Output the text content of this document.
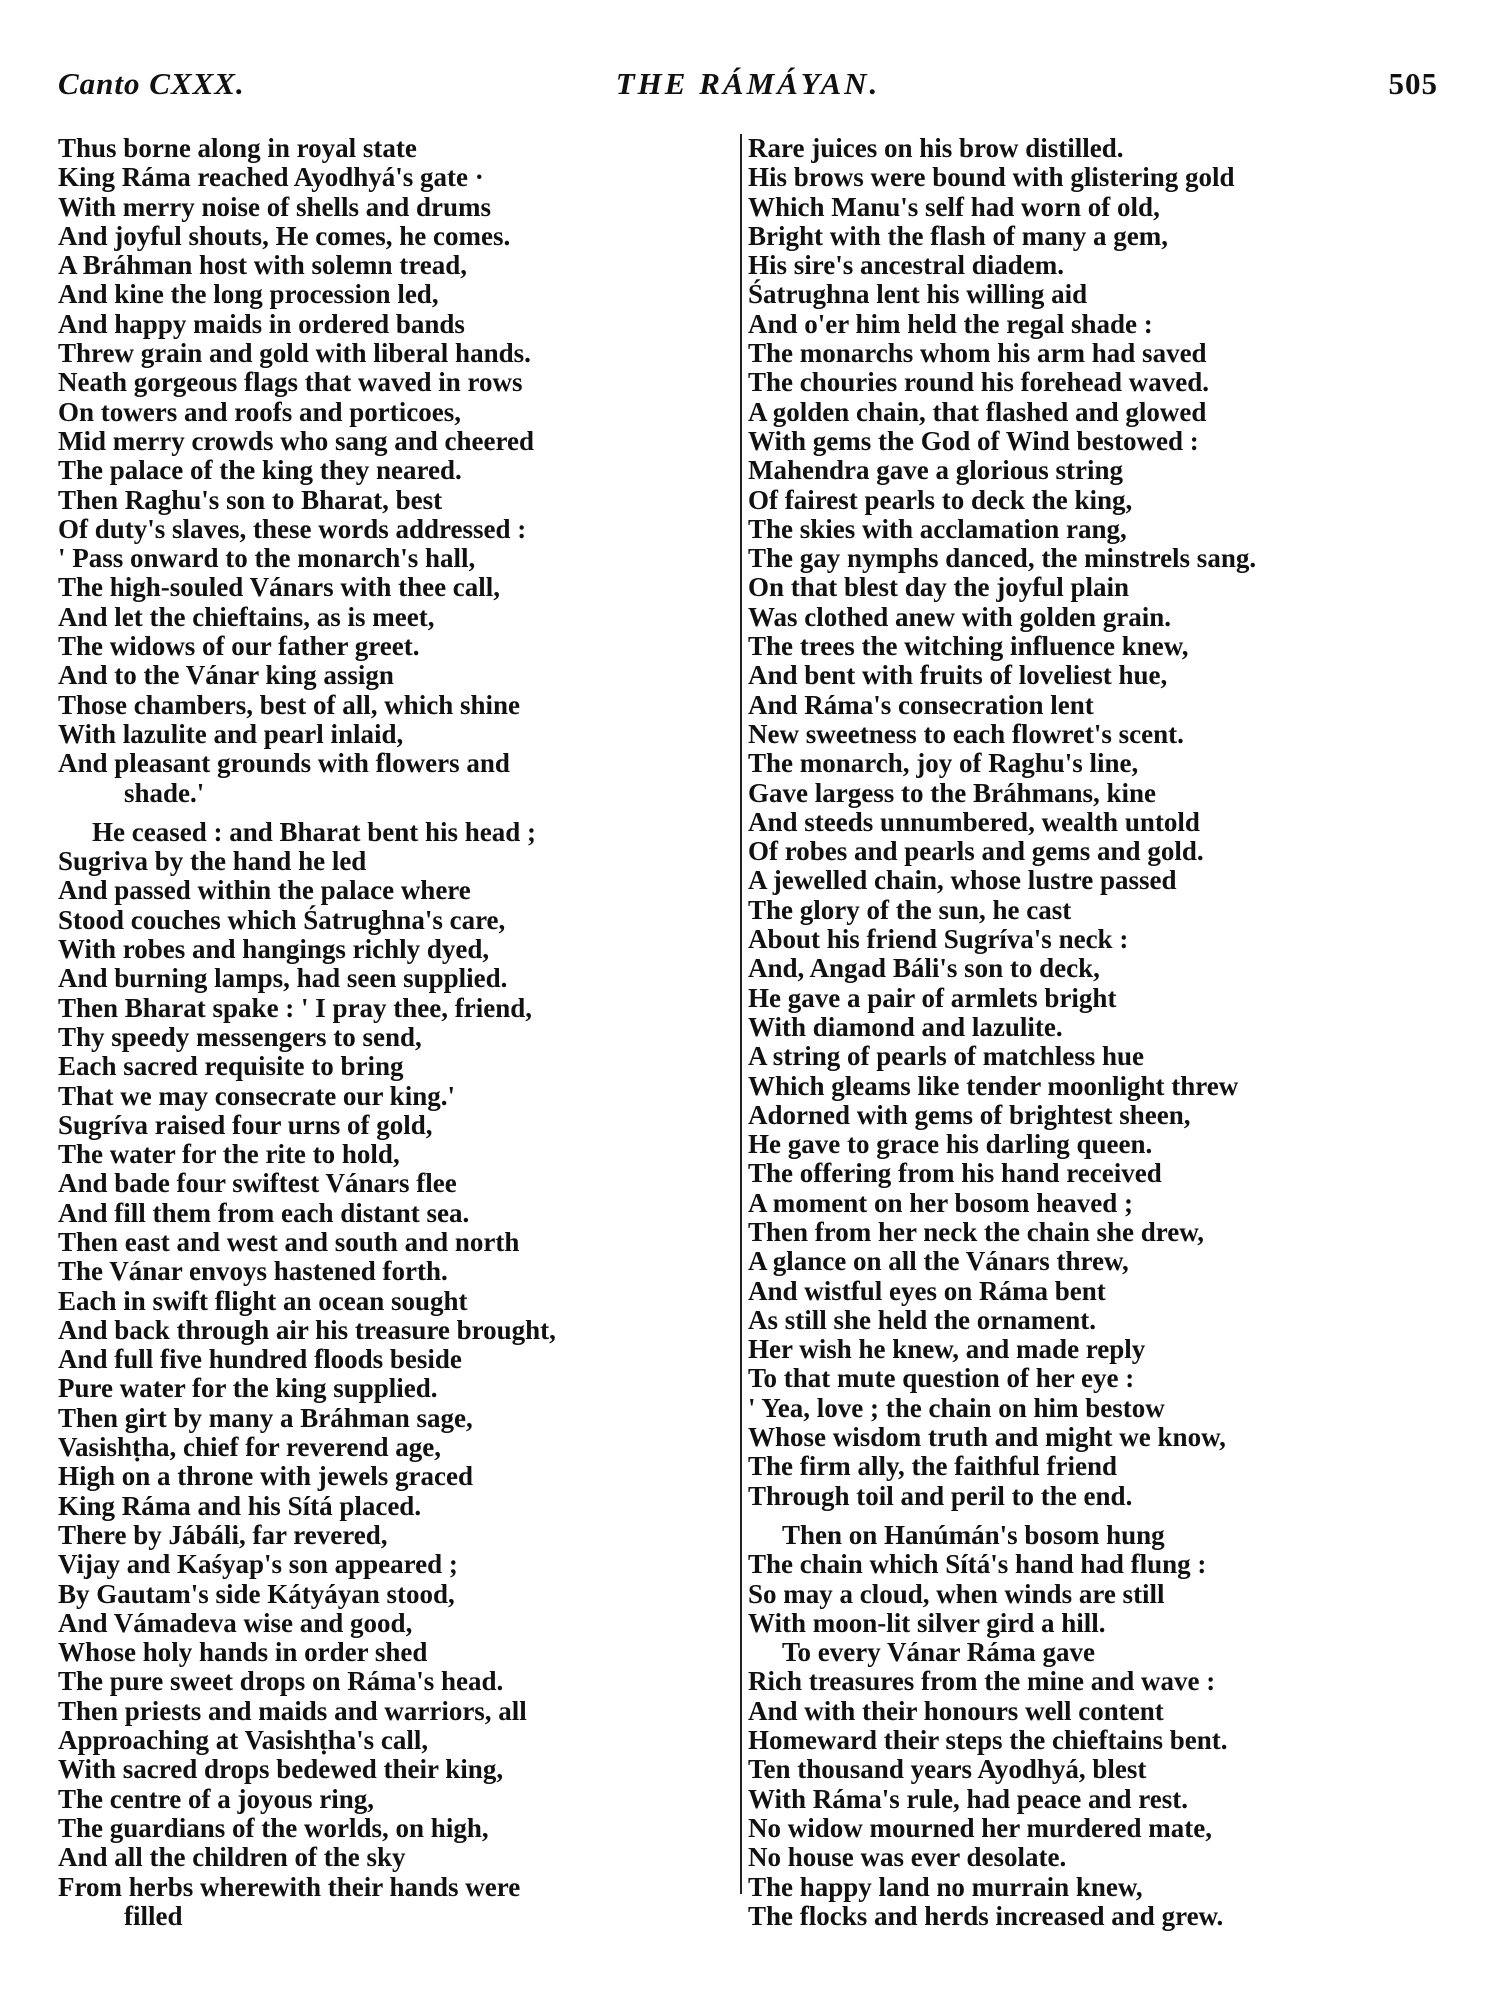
Canto CXXX.	THE RÁMÁYAN.	505
Thus borne along in royal state
King Ráma reached Ayodhyá's gate ·
With merry noise of shells and drums
And joyful shouts, He comes, he comes.
A Bráhman host with solemn tread,
And kine the long procession led,
And happy maids in ordered bands
Threw grain and gold with liberal hands.
Neath gorgeous flags that waved in rows
On towers and roofs and porticoes,
Mid merry crowds who sang and cheered
The palace of the king they neared.
Then Raghu's son to Bharat, best
Of duty's slaves, these words addressed :
' Pass onward to the monarch's hall,
The high-souled Vánars with thee call,
And let the chieftains, as is meet,
The widows of our father greet.
And to the Vánar king assign
Those chambers, best of all, which shine
With lazulite and pearl inlaid,
And pleasant grounds with flowers and
shade.'
He ceased : and Bharat bent his head ;
Sugriva by the hand he led
And passed within the palace where
Stood couches which Śatrughna's care,
With robes and hangings richly dyed,
And burning lamps, had seen supplied.
Then Bharat spake : ' I pray thee, friend,
Thy speedy messengers to send,
Each sacred requisite to bring
That we may consecrate our king.'
Sugríva raised four urns of gold,
The water for the rite to hold,
And bade four swiftest Vánars flee
And fill them from each distant sea.
Then east and west and south and north
The Vánar envoys hastened forth.
Each in swift flight an ocean sought
And back through air his treasure brought,
And full five hundred floods beside
Pure water for the king supplied.
Then girt by many a Bráhman sage,
Vasishṭha, chief for reverend age,
High on a throne with jewels graced
King Ráma and his Sítá placed.
There by Jábáli, far revered,
Vijay and Kaśyap's son appeared ;
By Gautam's side Kátyáyan stood,
And Vámadeva wise and good,
Whose holy hands in order shed
The pure sweet drops on Ráma's head.
Then priests and maids and warriors, all
Approaching at Vasishṭha's call,
With sacred drops bedewed their king,
The centre of a joyous ring,
The guardians of the worlds, on high,
And all the children of the sky
From herbs wherewith their hands were
filled
Rare juices on his brow distilled.
His brows were bound with glistering gold
Which Manu's self had worn of old,
Bright with the flash of many a gem,
His sire's ancestral diadem.
Śatrughna lent his willing aid
And o'er him held the regal shade :
The monarchs whom his arm had saved
The chouries round his forehead waved.
A golden chain, that flashed and glowed
With gems the God of Wind bestowed :
Mahendra gave a glorious string
Of fairest pearls to deck the king,
The skies with acclamation rang,
The gay nymphs danced, the minstrels sang.
On that blest day the joyful plain
Was clothed anew with golden grain.
The trees the witching influence knew,
And bent with fruits of loveliest hue,
And Ráma's consecration lent
New sweetness to each flowret's scent.
The monarch, joy of Raghu's line,
Gave largess to the Bráhmans, kine
And steeds unnumbered, wealth untold
Of robes and pearls and gems and gold.
A jewelled chain, whose lustre passed
The glory of the sun, he cast
About his friend Sugríva's neck :
And, Angad Báli's son to deck,
He gave a pair of armlets bright
With diamond and lazulite.
A string of pearls of matchless hue
Which gleams like tender moonlight threw
Adorned with gems of brightest sheen,
He gave to grace his darling queen.
The offering from his hand received
A moment on her bosom heaved ;
Then from her neck the chain she drew,
A glance on all the Vánars threw,
And wistful eyes on Ráma bent
As still she held the ornament.
Her wish he knew, and made reply
To that mute question of her eye :
' Yea, love ; the chain on him bestow
Whose wisdom truth and might we know,
The firm ally, the faithful friend
Through toil and peril to the end.
Then on Hanúmán's bosom hung
The chain which Sítá's hand had flung :
So may a cloud, when winds are still
With moon-lit silver gird a hill.
To every Vánar Ráma gave
Rich treasures from the mine and wave :
And with their honours well content
Homeward their steps the chieftains bent.
Ten thousand years Ayodhyá, blest
With Ráma's rule, had peace and rest.
No widow mourned her murdered mate,
No house was ever desolate.
The happy land no murrain knew,
The flocks and herds increased and grew.
